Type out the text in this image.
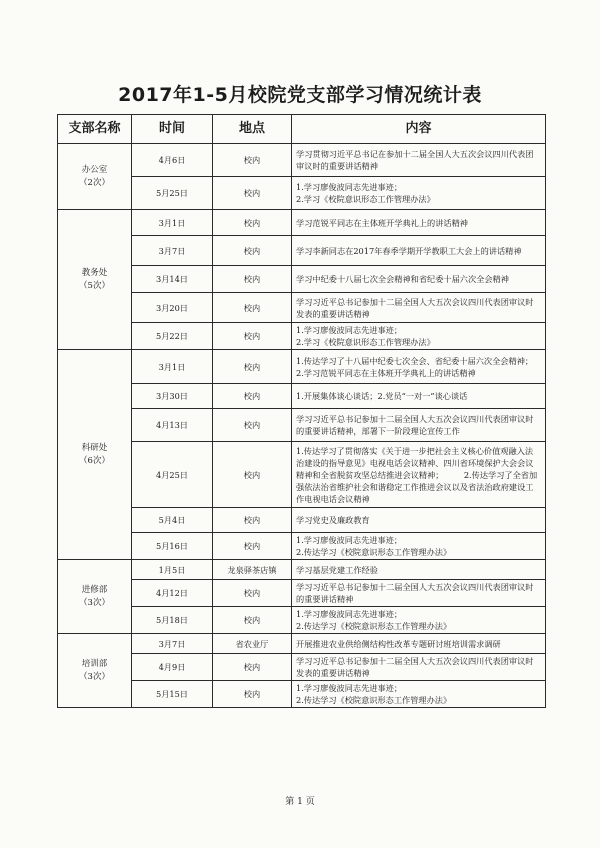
2017年1-5月校院党支部学习情况统计表
支部名称	时间	地点	内容

办公室
（2次）	4月6日	校内	学习贯彻习近平总书记在参加十二届全国人大五次会议四川代表团审议时的重要讲话精神

	5月25日	校内	1.学习廖俊波同志先进事迹；
2.学习《校院意识形态工作管理办法》

教务处
（5次）	3月1日	校内	学习范锐平同志在主体班开学典礼上的讲话精神

	3月7日	校内	学习李新同志在2017年春季学期开学教职工大会上的讲话精神

	3月14日	校内	学习中纪委十八届七次全会精神和省纪委十届六次全会精神

	3月20日	校内	学习习近平总书记参加十二届全国人大五次会议四川代表团审议时发表的重要讲话精神

	5月22日	校内	1.学习廖俊波同志先进事迹；
2.学习《校院意识形态工作管理办法》

科研处
（6次）	3月1日	校内	1.传达学习了十八届中纪委七次全会、省纪委十届六次全会精神；
2.学习范锐平同志在主体班开学典礼上的讲话精神

	3月30日	校内	1.开展集体谈心谈话；2.党员“一对一”谈心谈话

	4月13日	校内	学习习近平总书记参加十二届全国人大五次会议四川代表团审议时的重要讲话精神，部署下一阶段理论宣传工作

	4月25日	校内	1.传达学习了贯彻落实《关于进一步把社会主义核心价值观融入法治建设的指导意见》电视电话会议精神、四川省环境保护大会会议精神和全省脱贫攻坚总结推进会议精神；　　　2.传达学习了全省加强依法治省维护社会和谐稳定工作推进会议以及省法治政府建设工作电视电话会议精神

	5月4日	校内	学习党史及廉政教育

	5月16日	校内	1.学习廖俊波同志先进事迹；
2.传达学习《校院意识形态工作管理办法》

进修部
（3次）	1月5日	龙泉驿茶店镇	学习基层党建工作经验

	4月12日	校内	学习习近平总书记参加十二届全国人大五次会议四川代表团审议时的重要讲话精神

	5月18日	校内	1.学习廖俊波同志先进事迹；
2.传达学习《校院意识形态工作管理办法》

培训部
（3次）	3月7日	省农业厅	开展推进农业供给侧结构性改革专题研讨班培训需求调研

	4月9日	校内	学习习近平总书记参加十二届全国人大五次会议四川代表团审议时发表的重要讲话精神

	5月15日	校内	1.学习廖俊波同志先进事迹；
2.传达学习《校院意识形态工作管理办法》
第 1 页
